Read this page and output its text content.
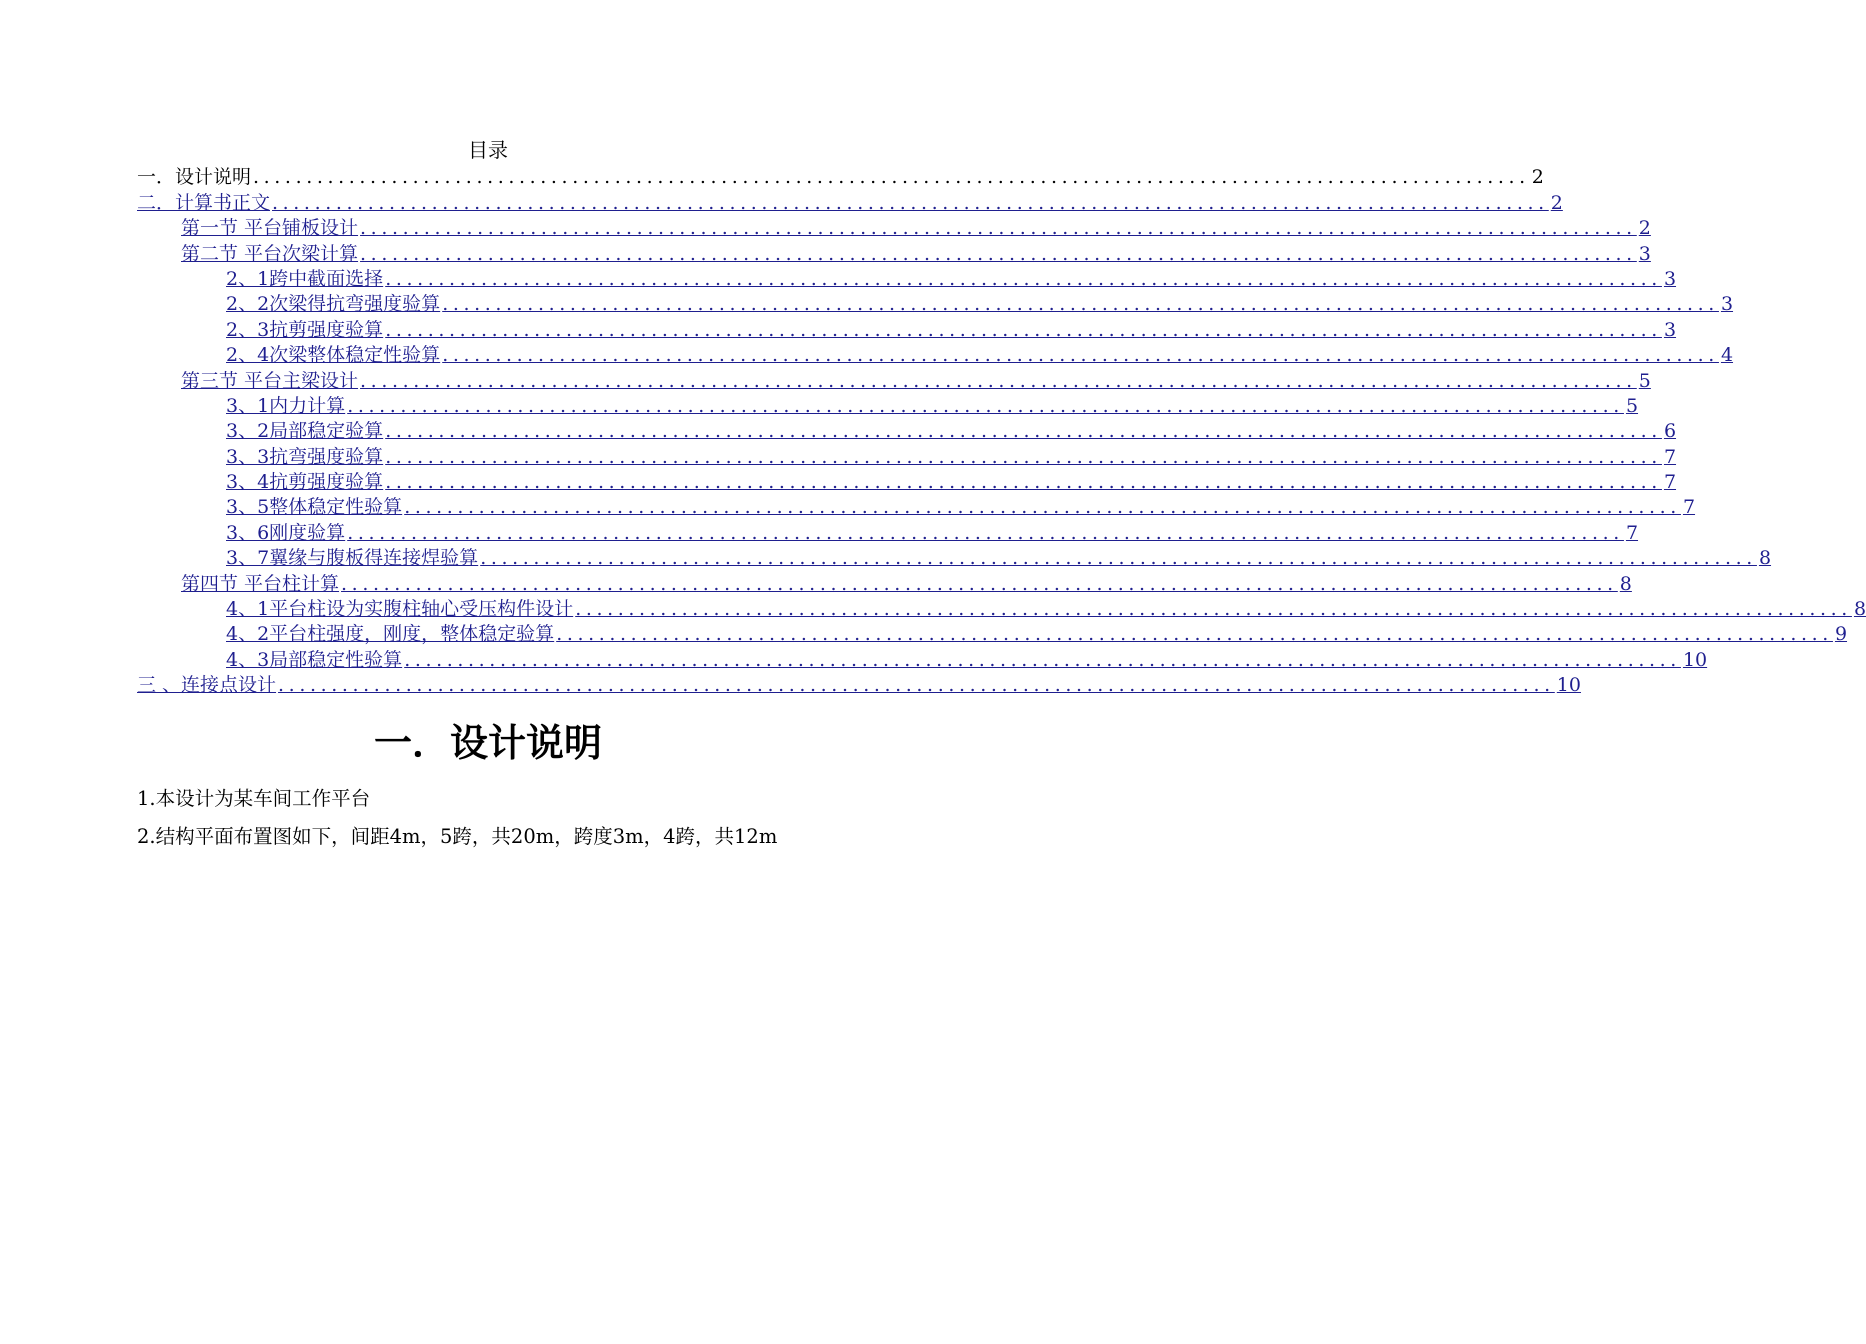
目录
一．设计说明 ........................................................................................................................ 2
二．计算书正文 ........................................................................................................................ 2
第一节 平台铺板设计 ........................................................................................................................ 2
第二节 平台次梁计算 ........................................................................................................................ 3
2、1跨中截面选择 ........................................................................................................................ 3
2、2次梁得抗弯强度验算 ........................................................................................................................ 3
2、3抗剪强度验算 ........................................................................................................................ 3
2、4次梁整体稳定性验算 ........................................................................................................................ 4
第三节 平台主梁设计 ........................................................................................................................ 5
3、1内力计算 ........................................................................................................................ 5
3、2局部稳定验算 ........................................................................................................................ 6
3、3抗弯强度验算 ........................................................................................................................ 7
3、4抗剪强度验算 ........................................................................................................................ 7
3、5整体稳定性验算 ........................................................................................................................ 7
3、6刚度验算 ........................................................................................................................ 7
3、7翼缘与腹板得连接焊验算 ........................................................................................................................ 8
第四节 平台柱计算 ........................................................................................................................ 8
4、1平台柱设为实腹柱轴心受压构件设计 ........................................................................................................................ 8
4、2平台柱强度，刚度，整体稳定验算 ........................................................................................................................ 9
4、3局部稳定性验算 ........................................................................................................................ 10
三 、连接点设计 ........................................................................................................................ 10
一．设计说明
1.本设计为某车间工作平台
2.结构平面布置图如下，间距4m，5跨，共20m，跨度3m，4跨，共12m
